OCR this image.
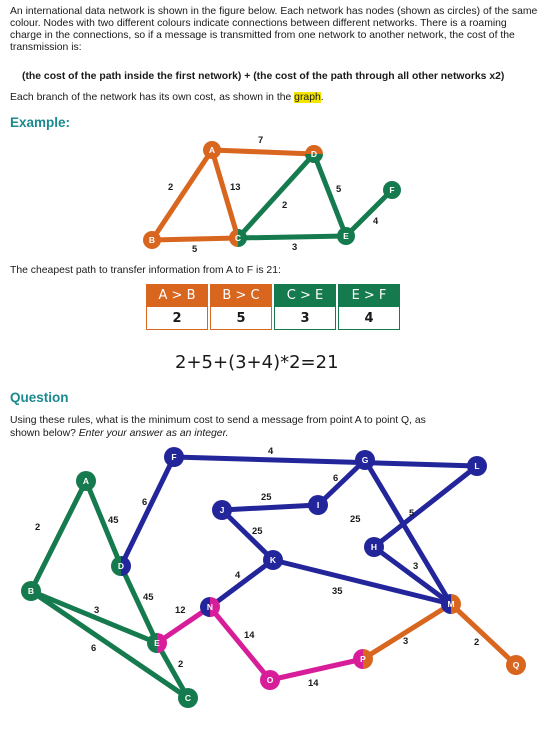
An international data network is shown in the figure below. Each network has nodes (shown as circles) of the same colour. Nodes with two different colours indicate connections between different networks. There is a roaming charge in the connections, so if a message is transmitted from one network to another network, the cost of the transmission is:
(the cost of the path inside the first network) + (the cost of the path through all other networks x2)
Each branch of the network has its own cost, as shown in the graph.
Example:
2
7
13
5
2
3
5
4
A
B	C
D
E
F
2
45
3
6
45
2
6
4
6
25
5
3
25
25
35
4
12
14
14
3	2
A
B
C
D
E
F	G
H
I
J
K
L
M
N
O
P
Q
The cheapest path to transfer information from A to F is 21:
A > B	B > C	C > E	E > F
2	5	3	4
2+5+(3+4)*2=21
Question
Using these rules, what is the minimum cost to send a message from point A to point Q, as shown below? Enter your answer as an integer.
